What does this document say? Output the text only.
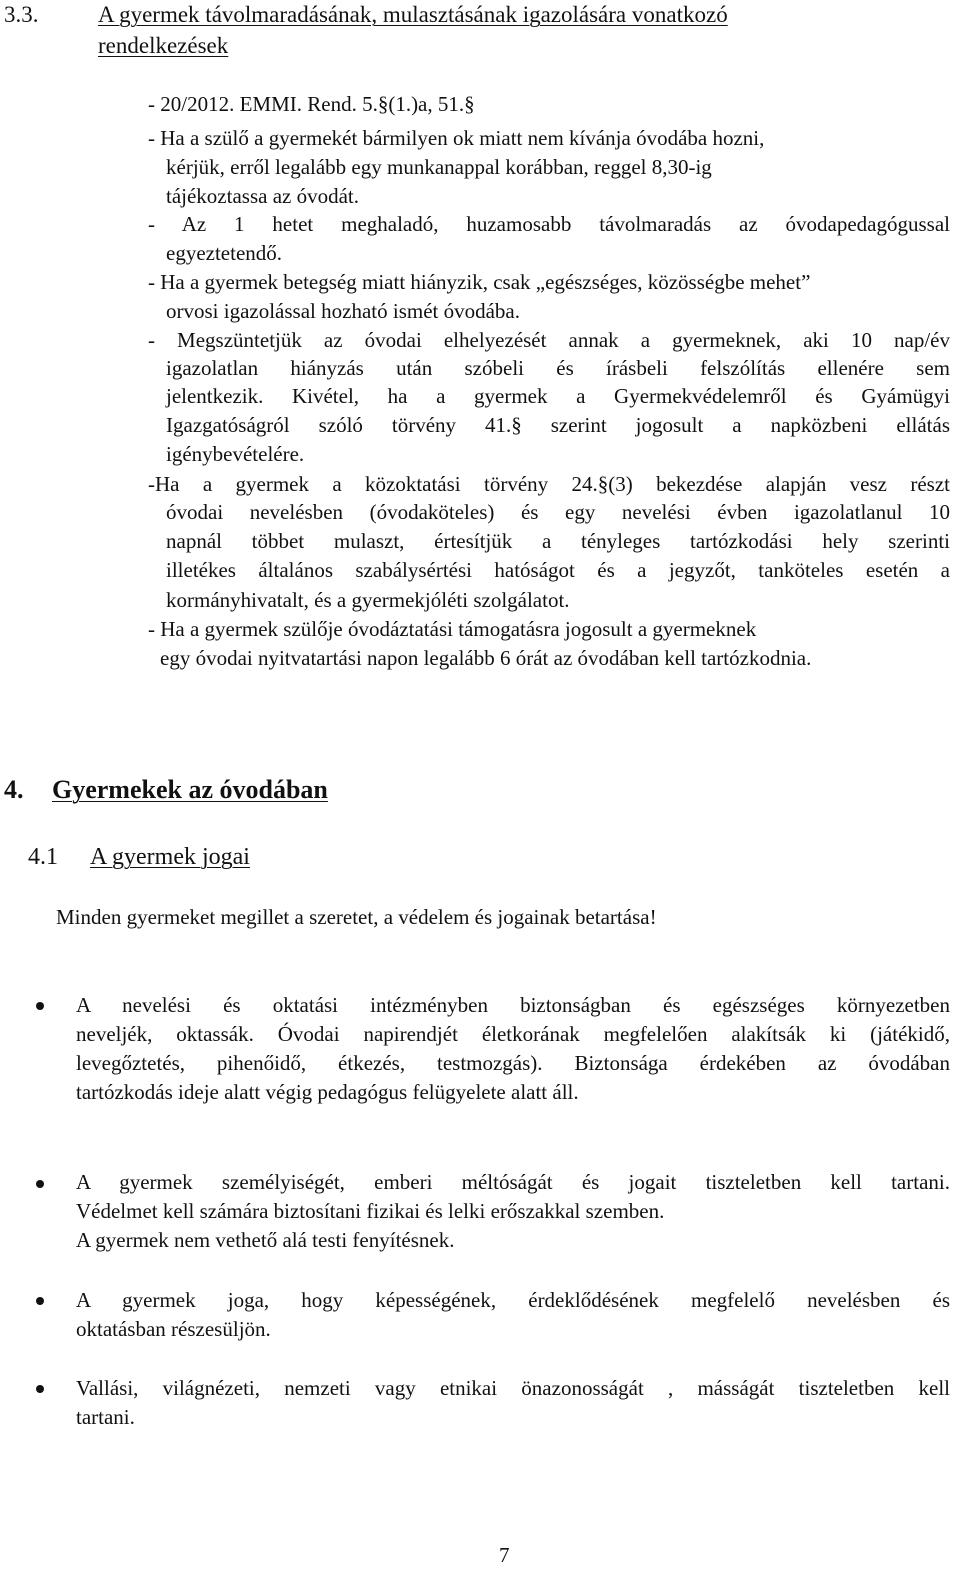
3.3.	A gyermek távolmaradásának, mulasztásának igazolására vonatkozó
rendelkezések
- 20/2012. EMMI. Rend. 5.§(1.)a, 51.§
- Ha a szülő a gyermekét bármilyen ok miatt nem kívánja óvodába hozni,
kérjük, erről legalább egy munkanappal korábban, reggel 8,30-ig
tájékoztassa az óvodát.
- Az 1 hetet meghaladó, huzamosabb távolmaradás az óvodapedagógussal
egyeztetendő.
- Ha a gyermek betegség miatt hiányzik, csak „egészséges, közösségbe mehet”
orvosi igazolással hozható ismét óvodába.
- Megszüntetjük az óvodai elhelyezését annak a gyermeknek, aki 10 nap/év
igazolatlan hiányzás után szóbeli és írásbeli felszólítás ellenére sem
jelentkezik. Kivétel, ha a gyermek a Gyermekvédelemről és Gyámügyi
Igazgatóságról szóló törvény 41.§ szerint jogosult a napközbeni ellátás
igénybevételére.
-Ha a gyermek a közoktatási törvény 24.§(3) bekezdése alapján vesz részt
óvodai nevelésben (óvodaköteles) és egy nevelési évben igazolatlanul 10
napnál többet mulaszt, értesítjük a tényleges tartózkodási hely szerinti
illetékes általános szabálysértési hatóságot és a jegyzőt, tanköteles esetén a
kormányhivatalt, és a gyermekjóléti szolgálatot.
- Ha a gyermek szülője óvodáztatási támogatásra jogosult a gyermeknek
egy óvodai nyitvatartási napon legalább 6 órát az óvodában kell tartózkodnia.
4. Gyermekek az óvodában
4.1 A gyermek jogai
Minden gyermeket megillet a szeretet, a védelem és jogainak betartása!
A nevelési és oktatási intézményben biztonságban és egészséges környezetben
neveljék, oktassák. Óvodai napirendjét életkorának megfelelően alakítsák ki (játékidő,
levegőztetés, pihenőidő, étkezés, testmozgás). Biztonsága érdekében az óvodában
tartózkodás ideje alatt végig pedagógus felügyelete alatt áll.
A gyermek személyiségét, emberi méltóságát és jogait tiszteletben kell tartani.
Védelmet kell számára biztosítani fizikai és lelki erőszakkal szemben.
A gyermek nem vethető alá testi fenyítésnek.
A gyermek joga, hogy képességének, érdeklődésének megfelelő nevelésben és
oktatásban részesüljön.
Vallási, világnézeti, nemzeti vagy etnikai önazonosságát , másságát tiszteletben kell
tartani.
7
